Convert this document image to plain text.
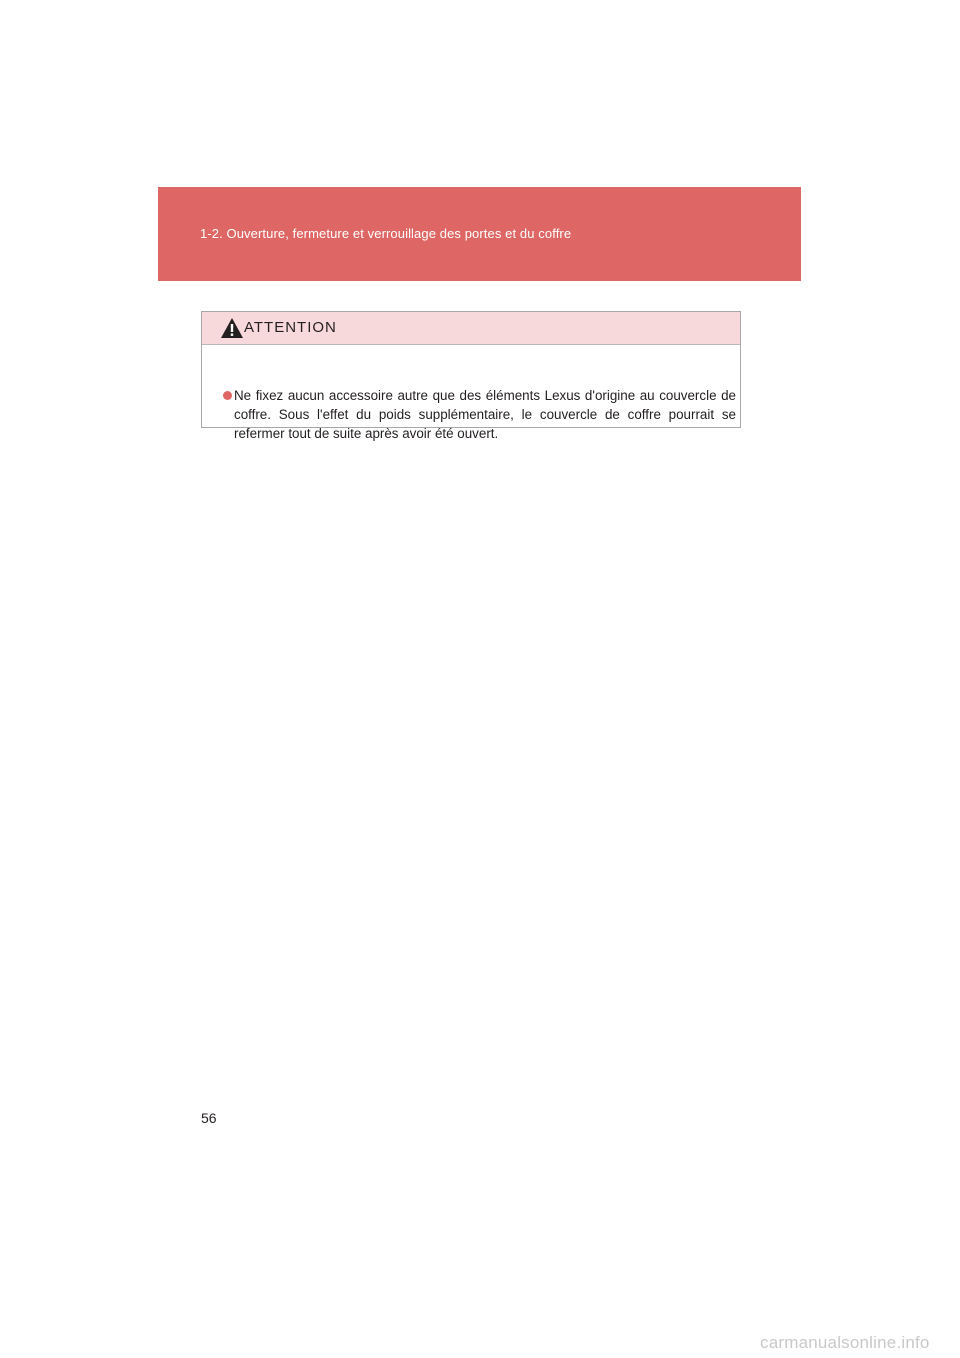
1-2. Ouverture, fermeture et verrouillage des portes et du coffre
ATTENTION
Ne fixez aucun accessoire autre que des éléments Lexus d'origine au couvercle de coffre. Sous l'effet du poids supplémentaire, le couvercle de coffre pourrait se refermer tout de suite après avoir été ouvert.
56
carmanualsonline.info
